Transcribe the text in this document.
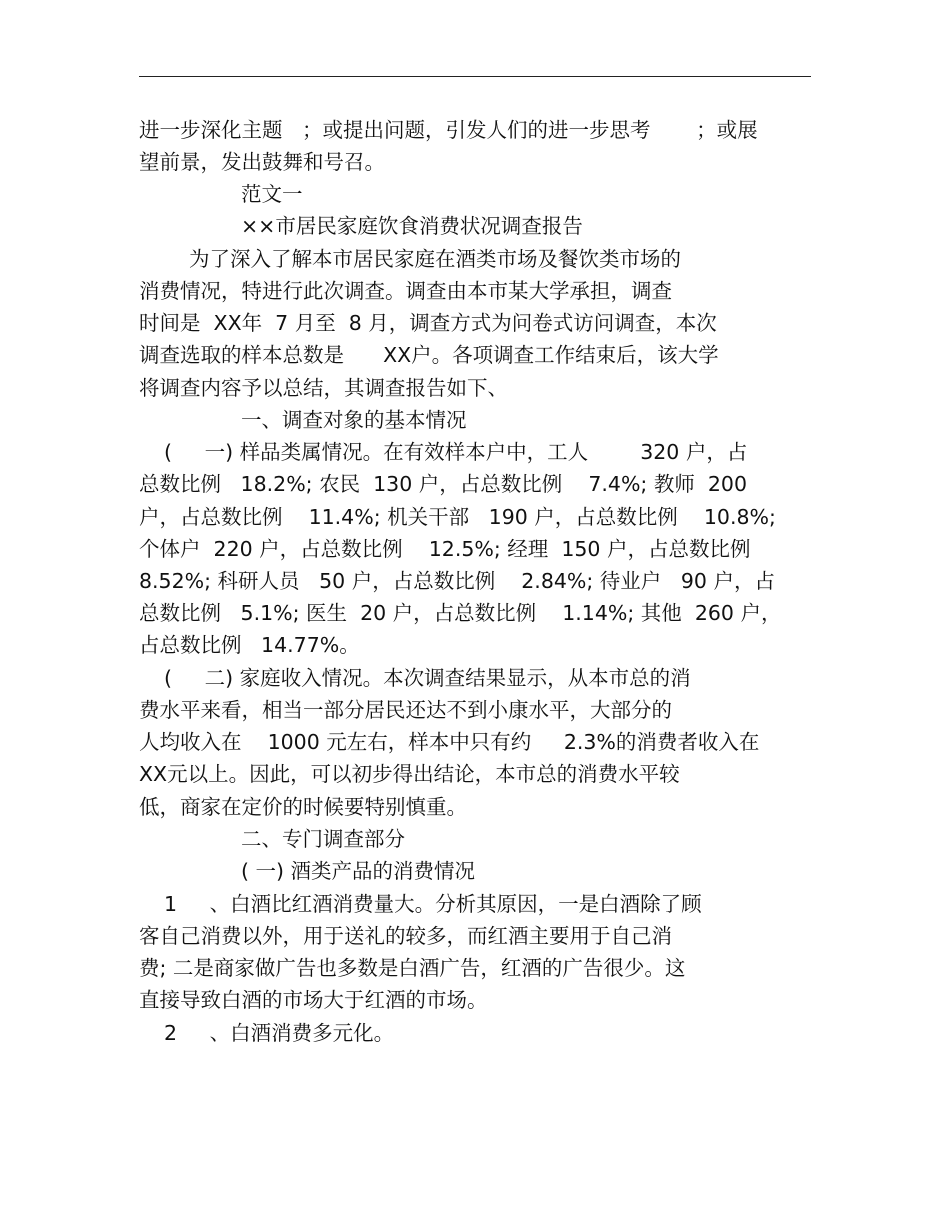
进一步深化主题   ；或提出问题，引发人们的进一步思考       ；或展
望前景，发出鼓舞和号召。
范文一
××市居民家庭饮食消费状况调查报告
为了深入了解本市居民家庭在酒类市场及餐饮类市场的
消费情况，特进行此次调查。调查由本市某大学承担，调查
时间是  XX年  7 月至  8 月，调查方式为问卷式访问调查，本次
调查选取的样本总数是      XX户。各项调查工作结束后，该大学
将调查内容予以总结，其调查报告如下、
一、调查对象的基本情况
(     一) 样品类属情况。在有效样本户中，工人        320 户，占
总数比例   18.2%; 农民  130 户，占总数比例    7.4%; 教师  200
户，占总数比例    11.4%; 机关干部   190 户，占总数比例    10.8%;
个体户  220 户，占总数比例    12.5%; 经理  150 户，占总数比例
8.52%; 科研人员   50 户，占总数比例    2.84%; 待业户   90 户，占
总数比例   5.1%; 医生  20 户，占总数比例    1.14%; 其他  260 户，
占总数比例   14.77%。
(     二) 家庭收入情况。本次调查结果显示，从本市总的消
费水平来看，相当一部分居民还达不到小康水平，大部分的
人均收入在    1000 元左右，样本中只有约     2.3%的消费者收入在
XX元以上。因此，可以初步得出结论，本市总的消费水平较
低，商家在定价的时候要特别慎重。
二、专门调查部分
( 一) 酒类产品的消费情况
1     、白酒比红酒消费量大。分析其原因，一是白酒除了顾
客自己消费以外，用于送礼的较多，而红酒主要用于自己消
费; 二是商家做广告也多数是白酒广告，红酒的广告很少。这
直接导致白酒的市场大于红酒的市场。
2     、白酒消费多元化。
